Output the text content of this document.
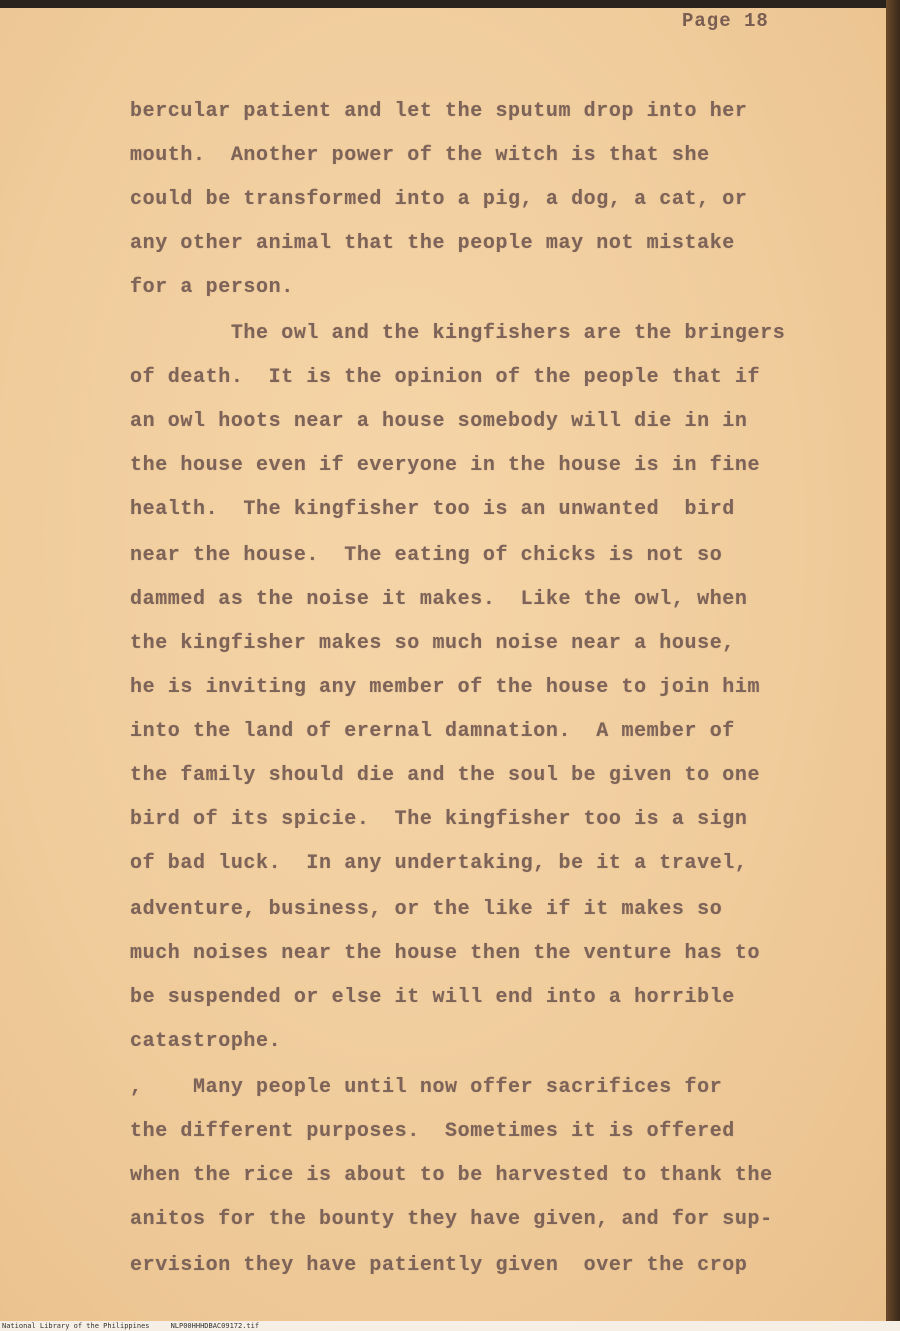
Page 18
bercular patient and let the sputum drop into her
mouth.  Another power of the witch is that she
could be transformed into a pig, a dog, a cat, or
any other animal that the people may not mistake
for a person.
The owl and the kingfishers are the bringers
of death.  It is the opinion of the people that if
an owl hoots near a house somebody will die in in
the house even if everyone in the house is in fine
health.  The kingfisher too is an unwanted  bird
near the house.  The eating of chicks is not so
dammed as the noise it makes.  Like the owl, when
the kingfisher makes so much noise near a house,
he is inviting any member of the house to join him
into the land of erernal damnation.  A member of
the family should die and the soul be given to one
bird of its spicie.  The kingfisher too is a sign
of bad luck.  In any undertaking, be it a travel,
adventure, business, or the like if it makes so
much noises near the house then the venture has to
be suspended or else it will end into a horrible
catastrophe.
,    Many people until now offer sacrifices for
the different purposes.  Sometimes it is offered
when the rice is about to be harvested to thank the
anitos for the bounty they have given, and for sup-
ervision they have patiently given  over the crop
National Library of the Philippines     NLP00HHHDBAC09172.tif
